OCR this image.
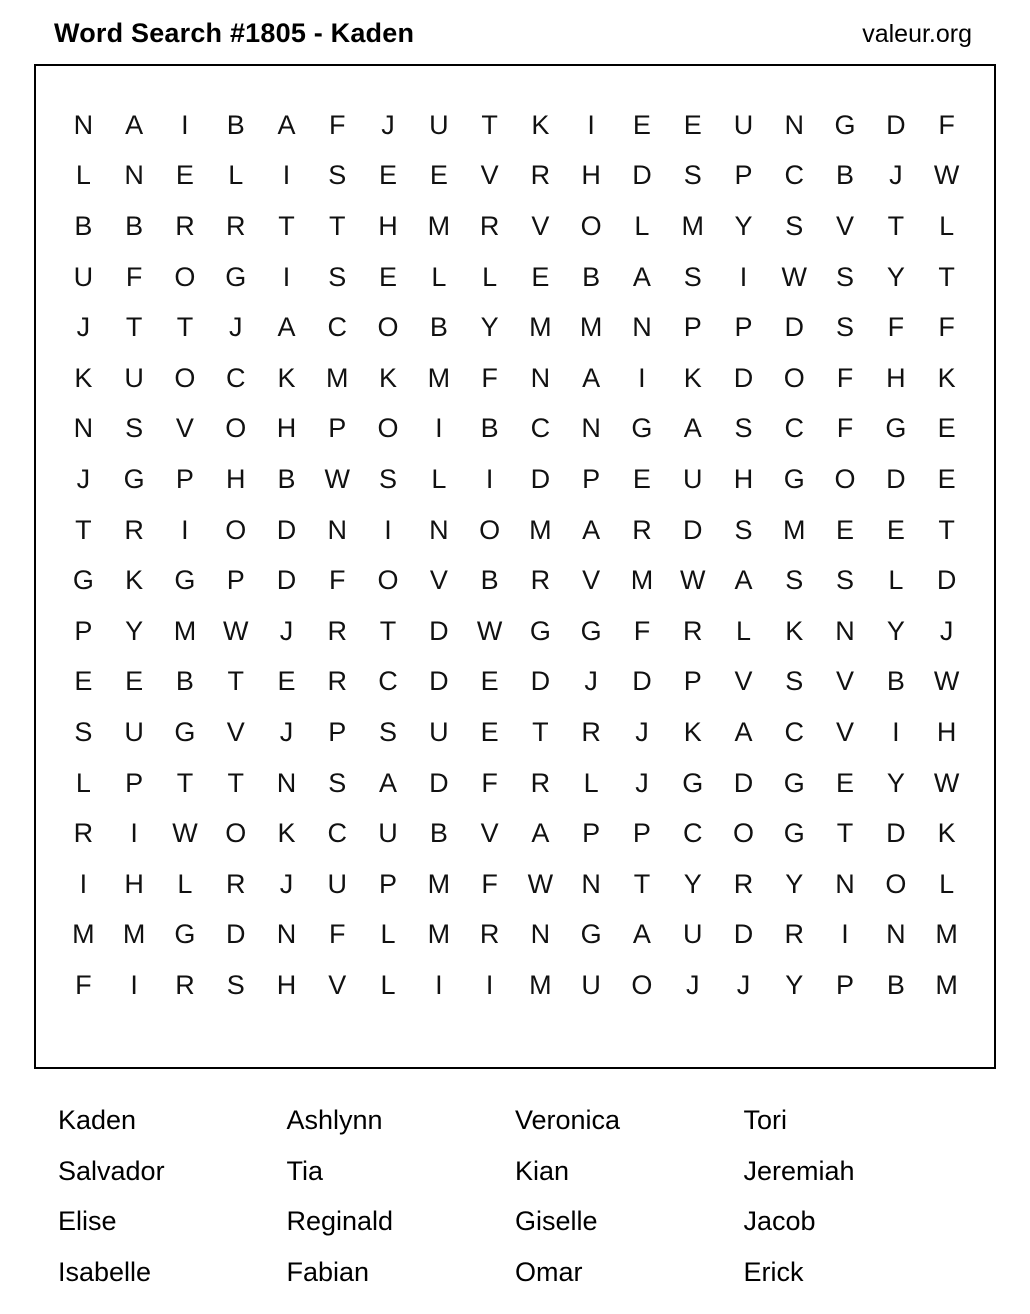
Word Search #1805 - Kaden	valeur.org
N A I B A F J U T K I E E U N G D F
L N E L I S E E V R H D S P C B J W
B B R R T T H M R V O L M Y S V T L
U F O G I S E L L E B A S I W S Y T
J T T J A C O B Y M M N P P D S F F
K U O C K M K M F N A I K D O F H K
N S V O H P O I B C N G A S C F G E
J G P H B W S L I D P E U H G O D E
T R I O D N I N O M A R D S M E E T
G K G P D F O V B R V M W A S S L D
P Y M W J R T D W G G F R L K N Y J
E E B T E R C D E D J D P V S V B W
S U G V J P S U E T R J K A C V I H
L P T T N S A D F R L J G D G E Y W
R I W O K C U B V A P P C O G T D K
I H L R J U P M F W N T Y R Y N O L
M M G D N F L M R N G A U D R I N M
F I R S H V L I I M U O J J Y P B M
Kaden	Ashlynn	Veronica	Tori
Salvador	Tia	Kian	Jeremiah
Elise	Reginald	Giselle	Jacob
Isabelle	Fabian	Omar	Erick
